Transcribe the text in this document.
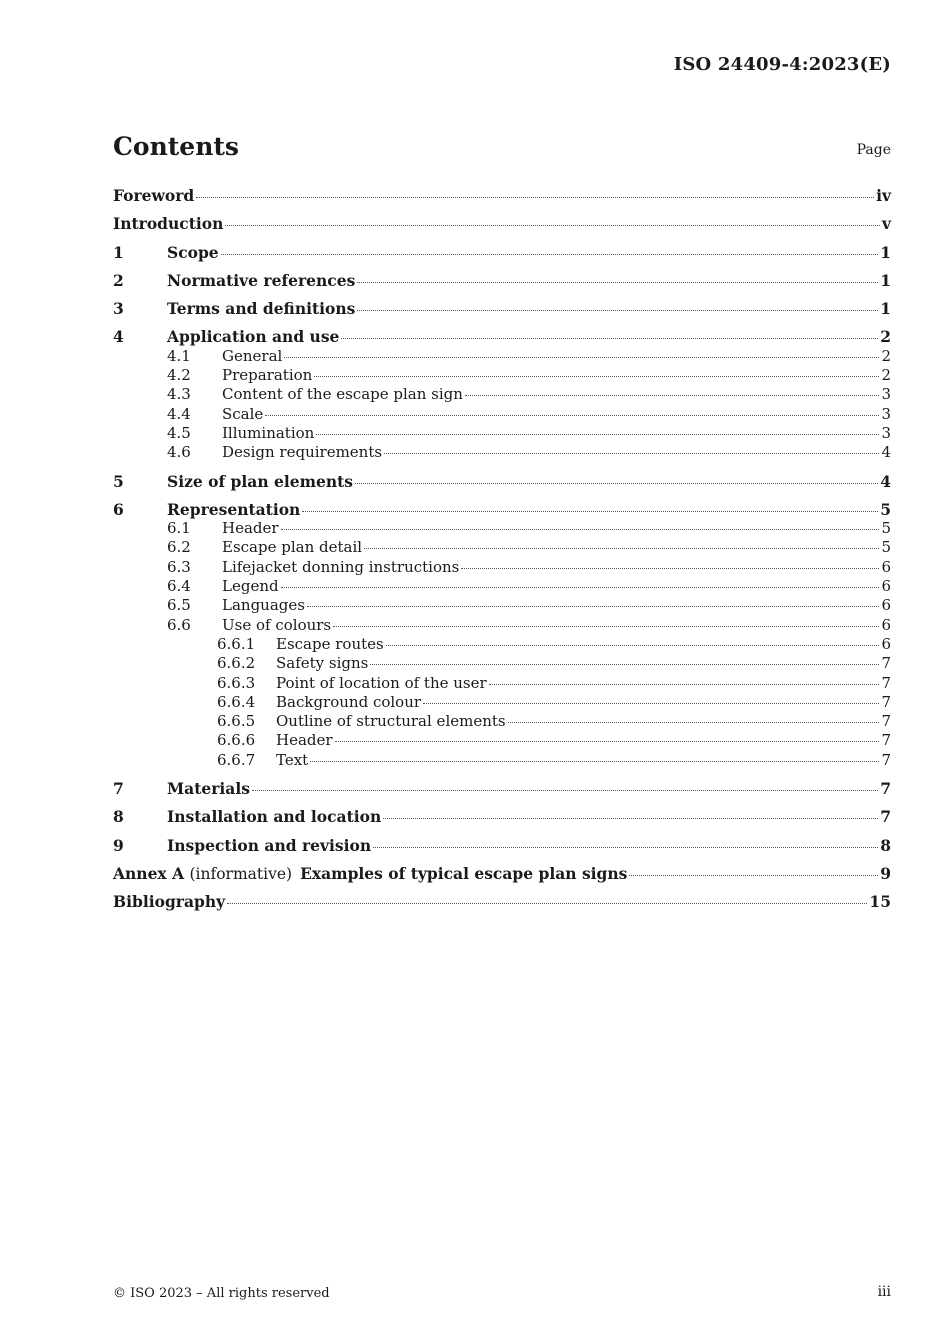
ISO 24409-4:2023(E)
Contents	Page
Foreword	iv
Introduction	v
1	Scope	1
2	Normative references	1
3	Terms and definitions	1
4	Application and use	2
4.1	General	2
4.2	Preparation	2
4.3	Content of the escape plan sign	3
4.4	Scale	3
4.5	Illumination	3
4.6	Design requirements	4
5	Size of plan elements	4
6	Representation	5
6.1	Header	5
6.2	Escape plan detail	5
6.3	Lifejacket donning instructions	6
6.4	Legend	6
6.5	Languages	6
6.6	Use of colours	6
6.6.1	Escape routes	6
6.6.2	Safety signs	7
6.6.3	Point of location of the user	7
6.6.4	Background colour	7
6.6.5	Outline of structural elements	7
6.6.6	Header	7
6.6.7	Text	7
7	Materials	7
8	Installation and location	7
9	Inspection and revision	8
Annex A (informative) Examples of typical escape plan signs	9
Bibliography	15
© ISO 2023 – All rights reserved	iii
